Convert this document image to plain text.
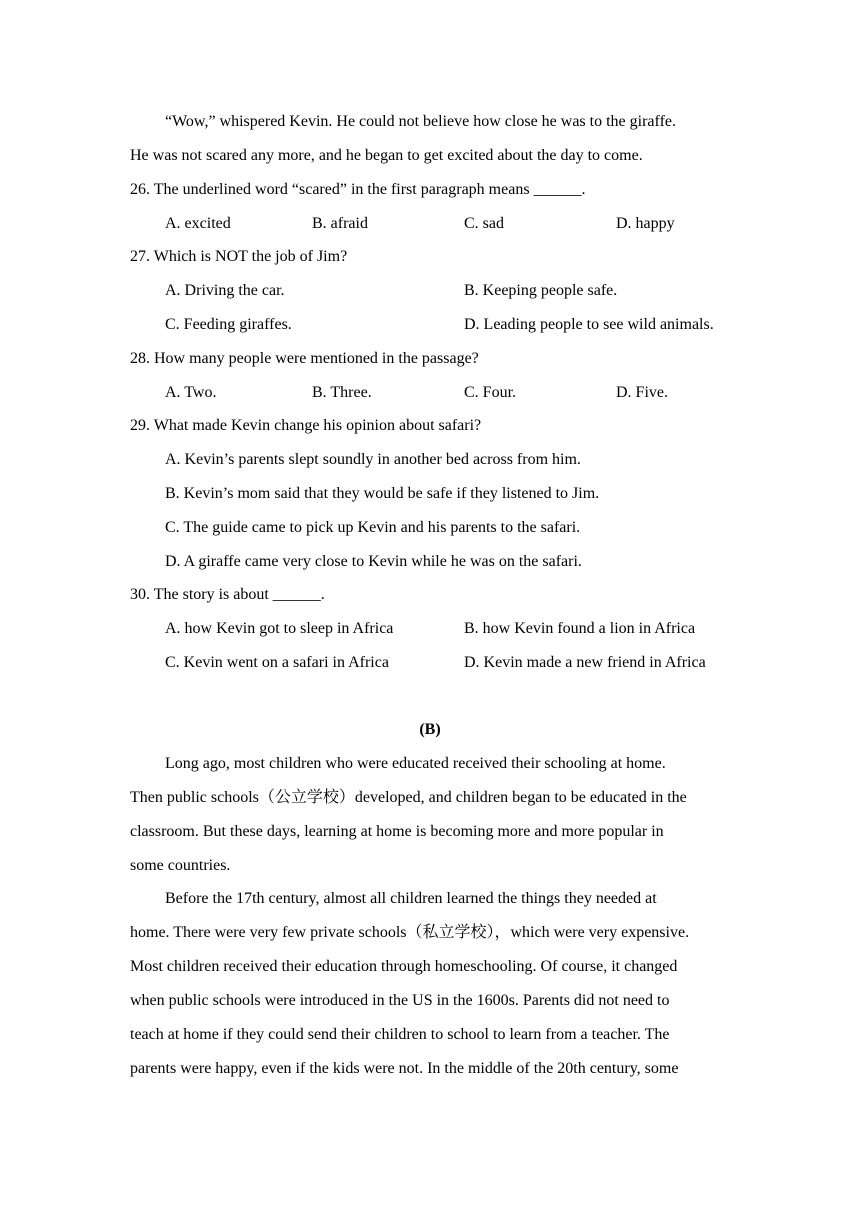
“Wow,” whispered Kevin. He could not believe how close he was to the giraffe.
He was not scared any more, and he began to get excited about the day to come.
26. The underlined word “scared” in the first paragraph means ______.
A. excited	B. afraid	C. sad	D. happy
27. Which is NOT the job of Jim?
A. Driving the car.	B. Keeping people safe.
C. Feeding giraffes.	D. Leading people to see wild animals.
28. How many people were mentioned in the passage?
A. Two.	B. Three.	C. Four.	D. Five.
29. What made Kevin change his opinion about safari?
A. Kevin’s parents slept soundly in another bed across from him.
B. Kevin’s mom said that they would be safe if they listened to Jim.
C. The guide came to pick up Kevin and his parents to the safari.
D. A giraffe came very close to Kevin while he was on the safari.
30. The story is about ______.
A. how Kevin got to sleep in Africa	B. how Kevin found a lion in Africa
C. Kevin went on a safari in Africa	D. Kevin made a new friend in Africa
(B)
Long ago, most children who were educated received their schooling at home.
Then public schools（公立学校）developed, and children began to be educated in the
classroom. But these days, learning at home is becoming more and more popular in
some countries.
Before the 17th century, almost all children learned the things they needed at
home. There were very few private schools（私立学校），which were very expensive.
Most children received their education through homeschooling. Of course, it changed
when public schools were introduced in the US in the 1600s. Parents did not need to
teach at home if they could send their children to school to learn from a teacher. The
parents were happy, even if the kids were not. In the middle of the 20th century, some
